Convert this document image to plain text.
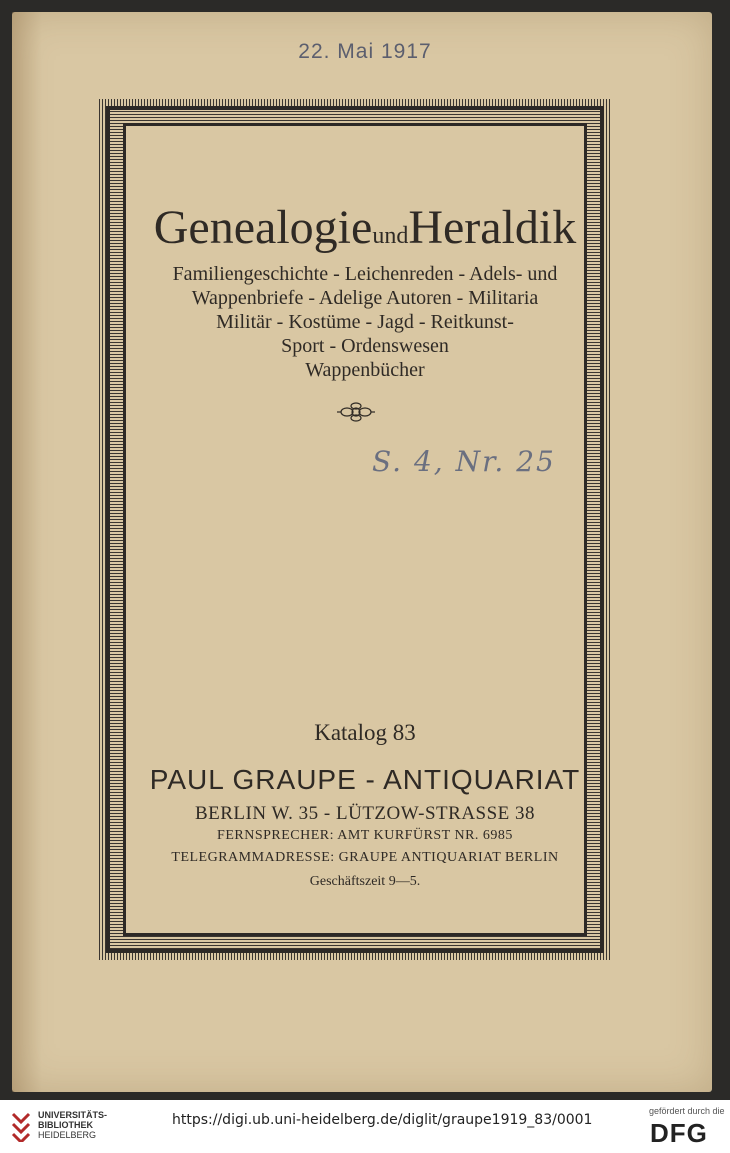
22. Mai 1917
GenealogieundHeraldik
Familiengeschichte - Leichenreden - Adels- und
Wappenbriefe - Adelige Autoren - Militaria
Militär - Kostüme - Jagd - Reitkunst-
Sport - Ordenswesen
Wappenbücher
S. 4, Nr. 25
Katalog 83
PAUL GRAUPE - ANTIQUARIAT
BERLIN W. 35 - LÜTZOW-STRASSE 38
FERNSPRECHER: AMT KURFÜRST NR. 6985
TELEGRAMMADRESSE: GRAUPE ANTIQUARIAT BERLIN
Geschäftszeit 9—5.
UNIVERSITÄTS-
BIBLIOTHEK
HEIDELBERG
https://digi.ub.uni-heidelberg.de/diglit/graupe1919_83/0001
gefördert durch die
DFG
